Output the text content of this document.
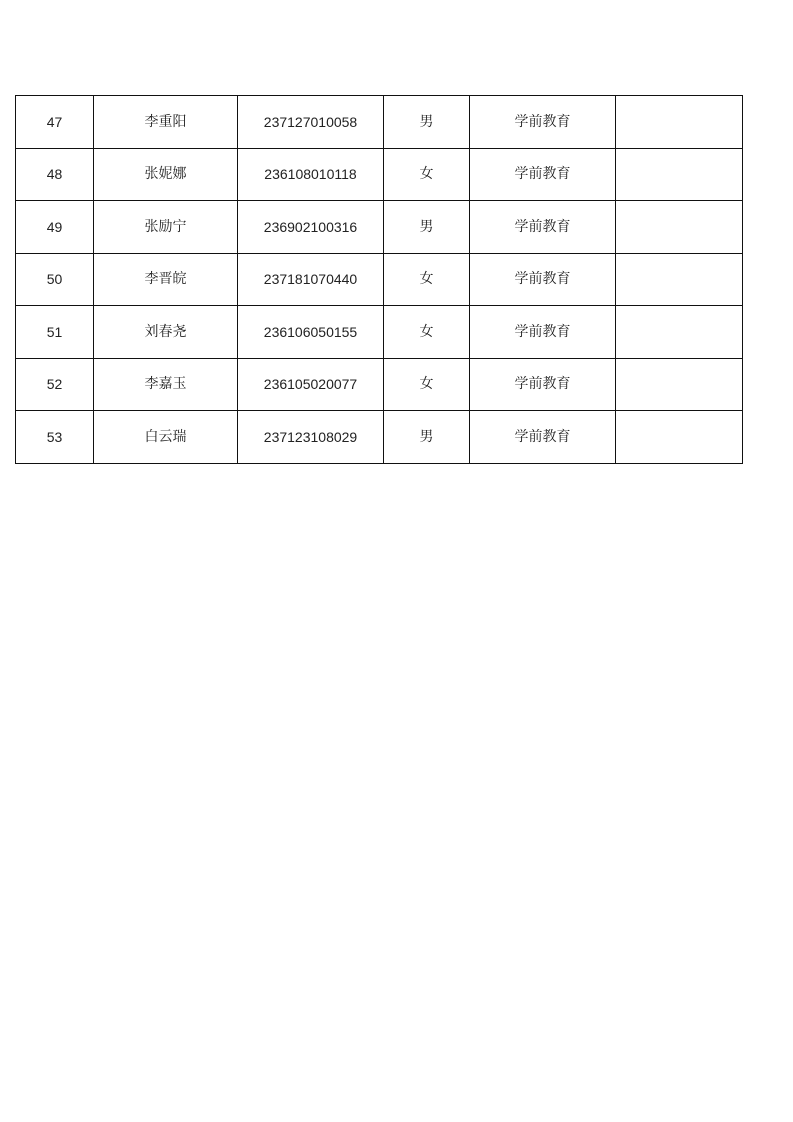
47	李重阳	237127010058	男	学前教育	
48	张妮娜	236108010118	女	学前教育	
49	张励宁	236902100316	男	学前教育	
50	李晋皖	237181070440	女	学前教育	
51	刘春尧	236106050155	女	学前教育	
52	李嘉玉	236105020077	女	学前教育	
53	白云瑞	237123108029	男	学前教育	
